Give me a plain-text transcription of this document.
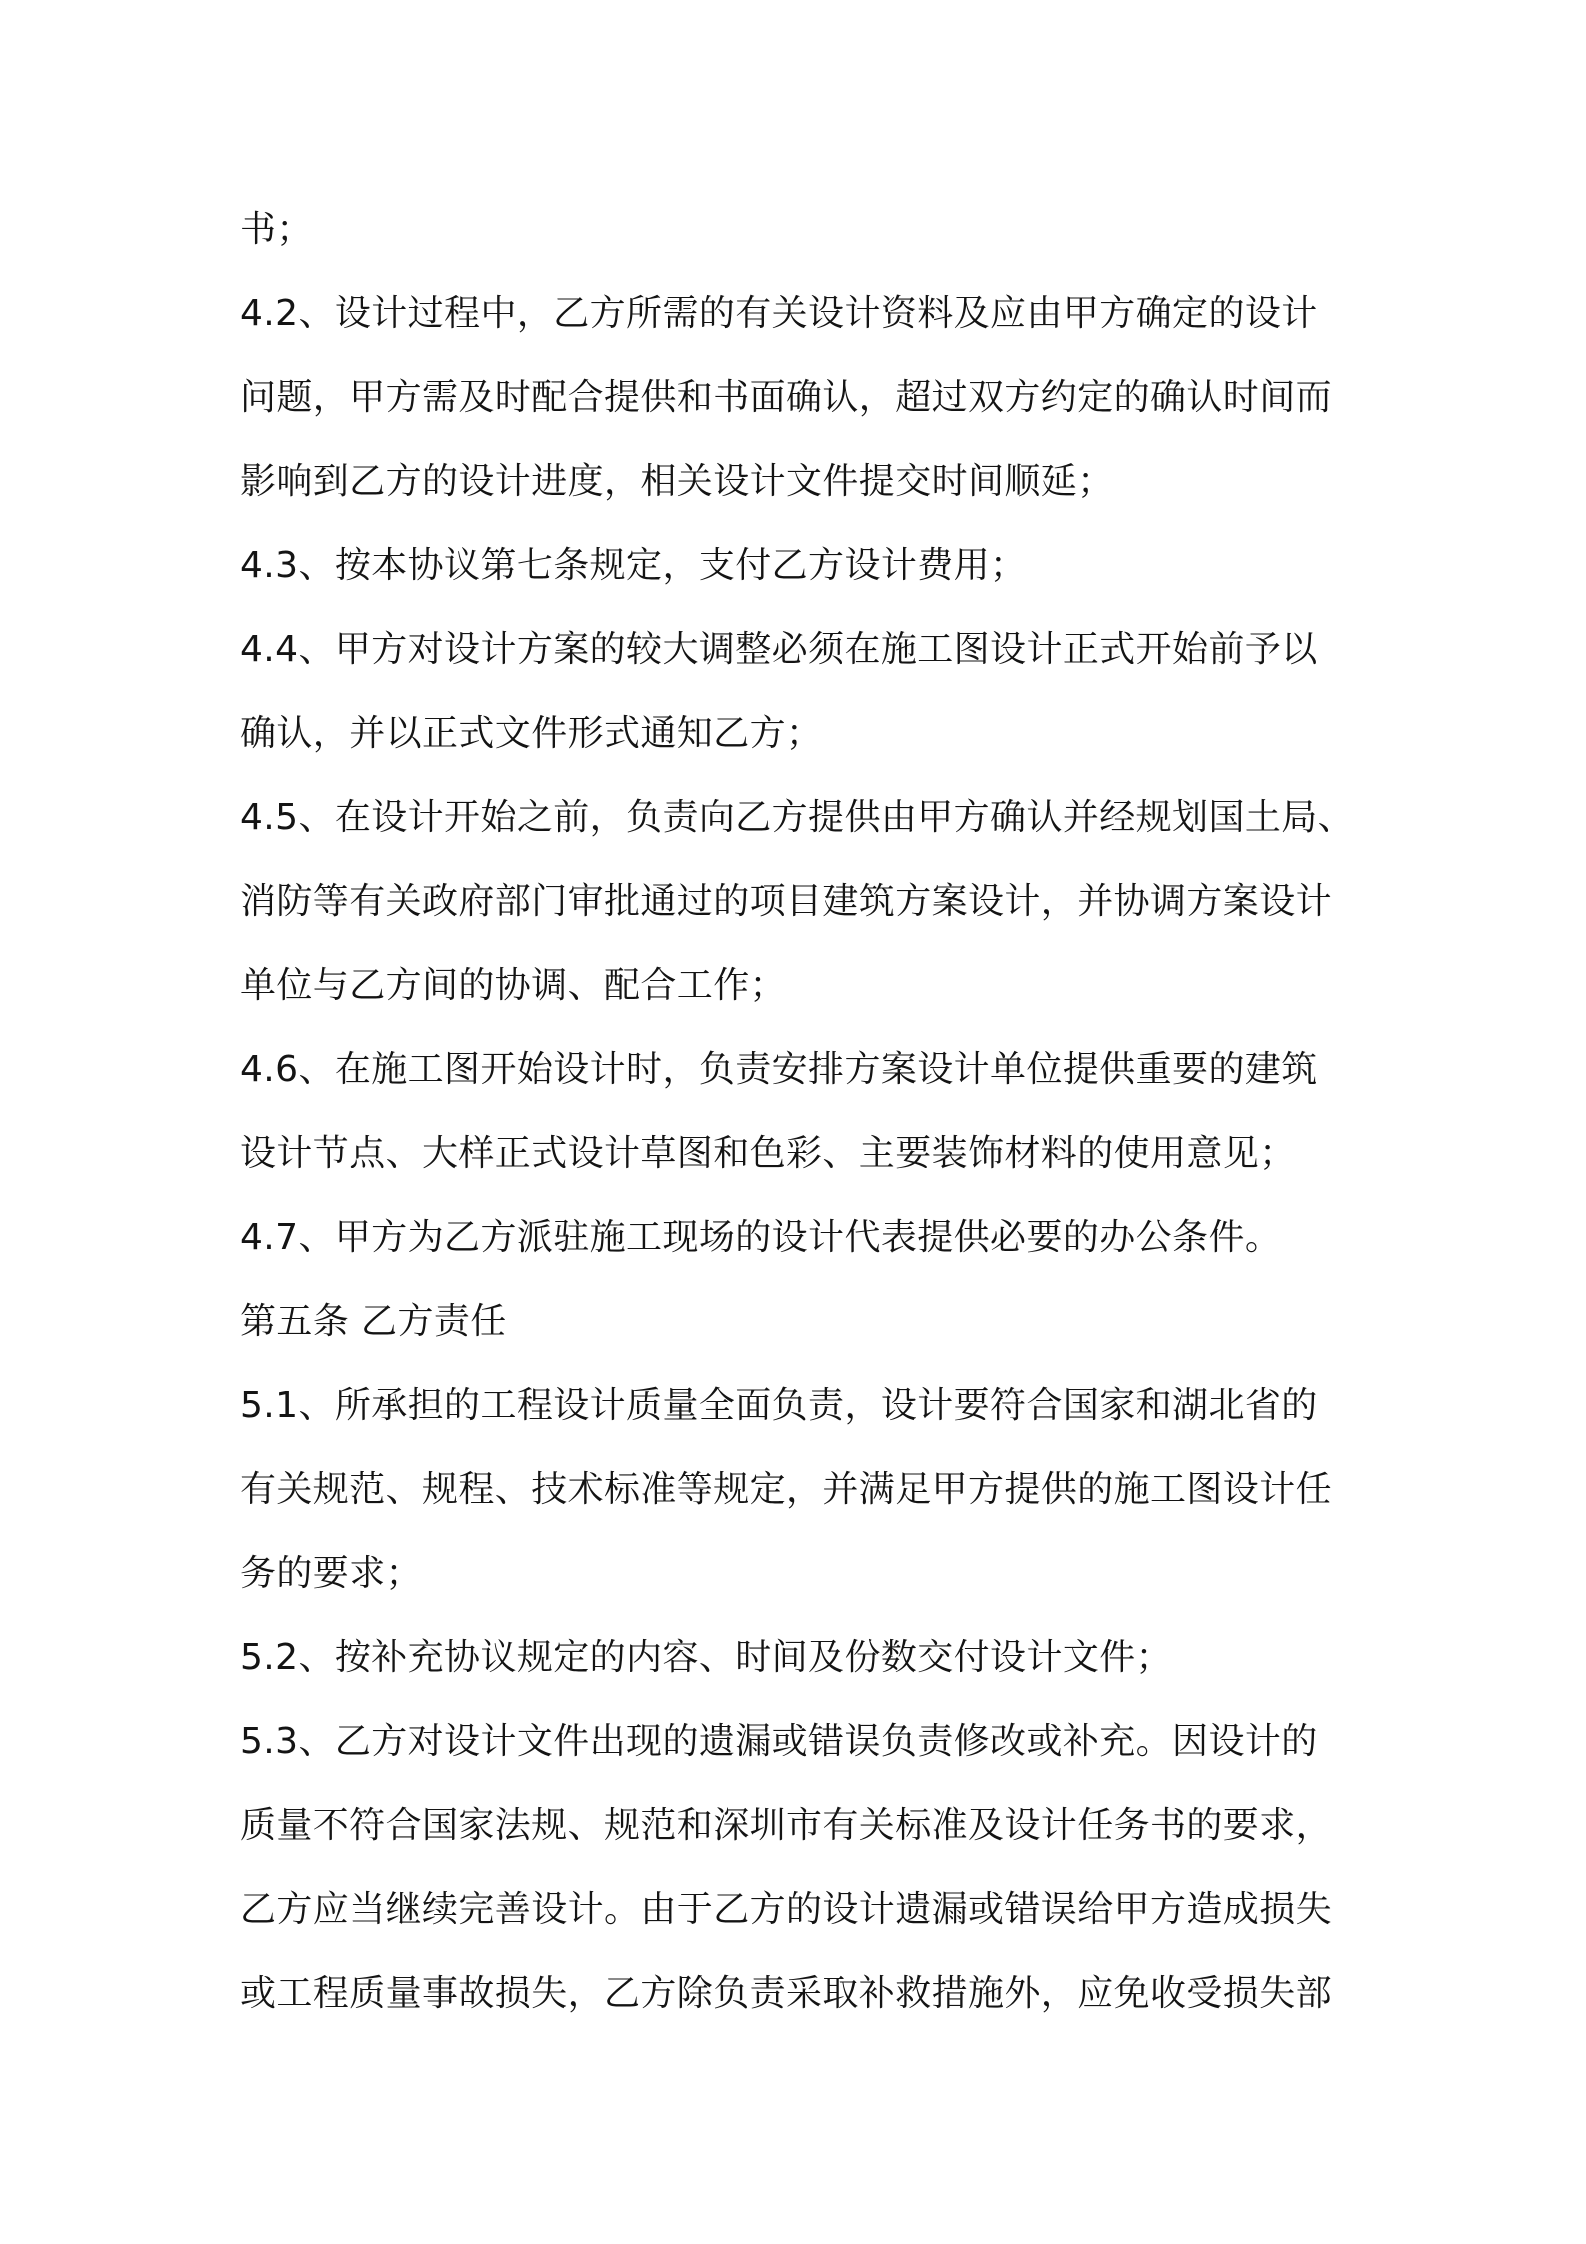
书；
4.2、设计过程中，乙方所需的有关设计资料及应由甲方确定的设计
问题，甲方需及时配合提供和书面确认，超过双方约定的确认时间而
影响到乙方的设计进度，相关设计文件提交时间顺延；
4.3、按本协议第七条规定，支付乙方设计费用；
4.4、甲方对设计方案的较大调整必须在施工图设计正式开始前予以
确认，并以正式文件形式通知乙方；
4.5、在设计开始之前，负责向乙方提供由甲方确认并经规划国土局、
消防等有关政府部门审批通过的项目建筑方案设计，并协调方案设计
单位与乙方间的协调、配合工作；
4.6、在施工图开始设计时，负责安排方案设计单位提供重要的建筑
设计节点、大样正式设计草图和色彩、主要装饰材料的使用意见；
4.7、甲方为乙方派驻施工现场的设计代表提供必要的办公条件。
第五条 乙方责任
5.1、所承担的工程设计质量全面负责，设计要符合国家和湖北省的
有关规范、规程、技术标准等规定，并满足甲方提供的施工图设计任
务的要求；
5.2、按补充协议规定的内容、时间及份数交付设计文件；
5.3、乙方对设计文件出现的遗漏或错误负责修改或补充。因设计的
质量不符合国家法规、规范和深圳市有关标准及设计任务书的要求，
乙方应当继续完善设计。由于乙方的设计遗漏或错误给甲方造成损失
或工程质量事故损失，乙方除负责采取补救措施外，应免收受损失部
